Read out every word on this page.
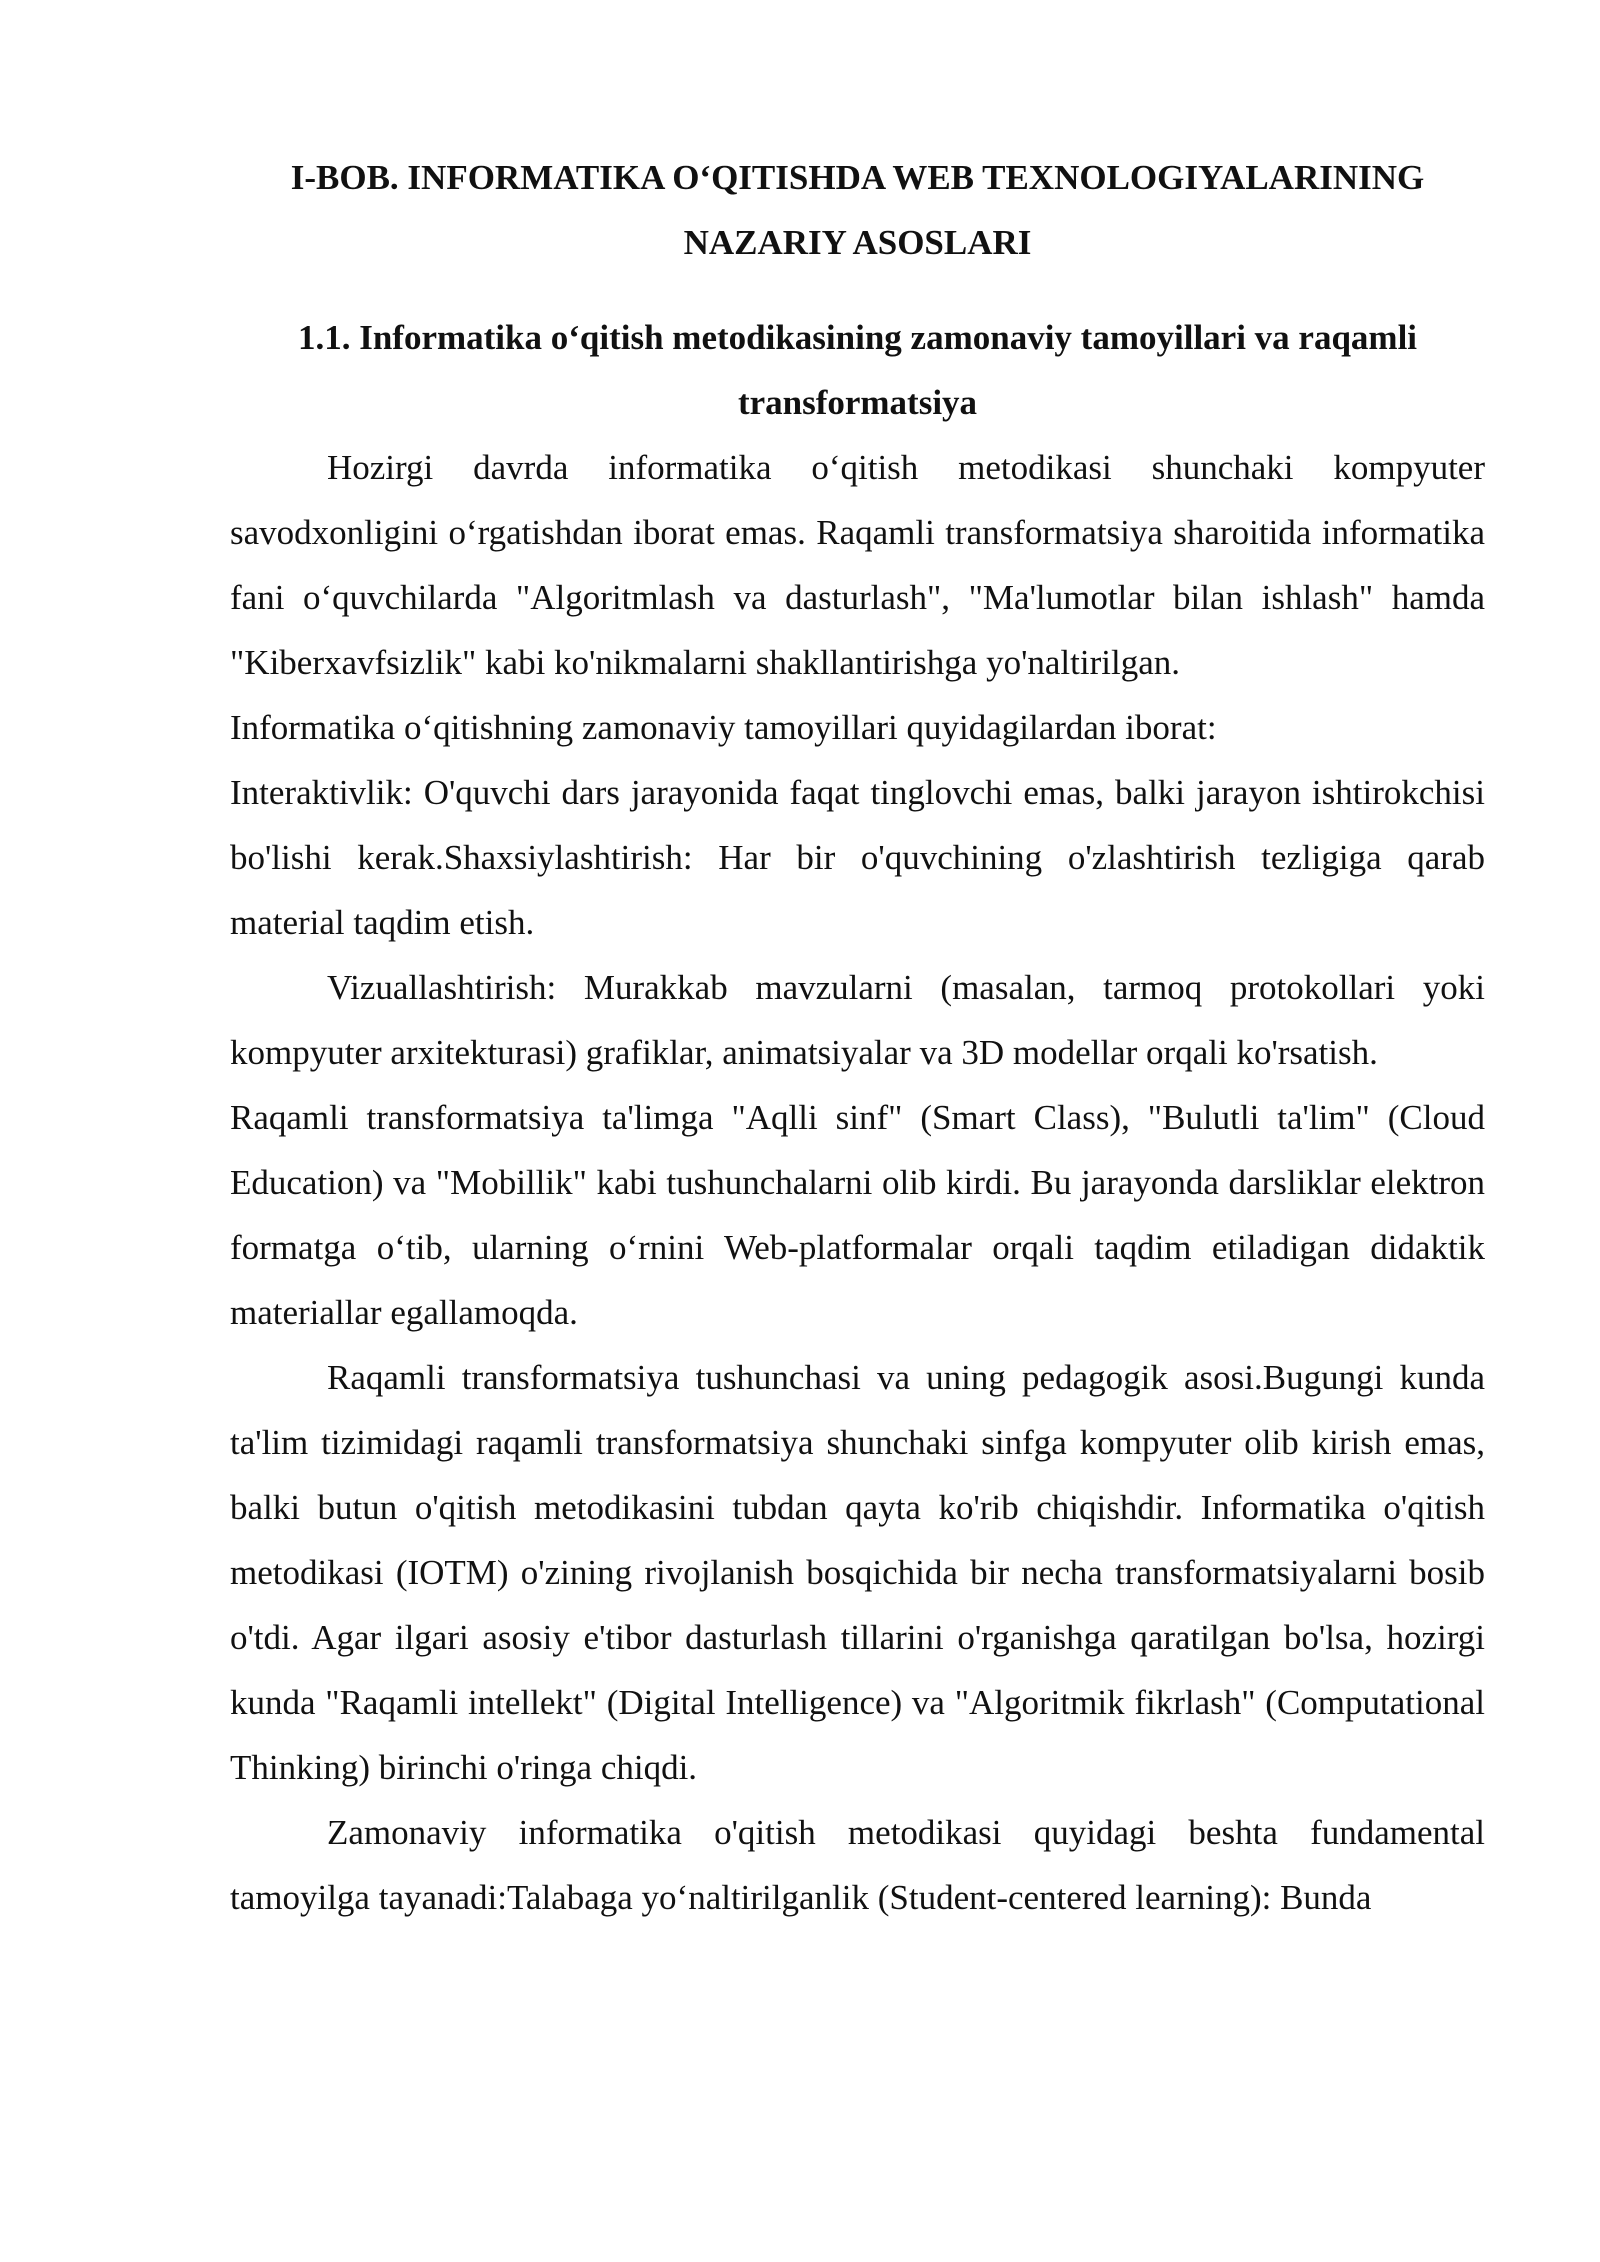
I-BOB. INFORMATIKA O‘QITISHDA WEB TEXNOLOGIYALARINING
NAZARIY ASOSLARI
1.1. Informatika o‘qitish metodikasining zamonaviy tamoyillari va raqamli
transformatsiya

Hozirgi davrda informatika o‘qitish metodikasi shunchaki kompyuter savodxonligini o‘rgatishdan iborat emas. Raqamli transformatsiya sharoitida informatika fani o‘quvchilarda "Algoritmlash va dasturlash", "Ma'lumotlar bilan ishlash" hamda "Kiberxavfsizlik" kabi ko'nikmalarni shakllantirishga yo'naltirilgan.

Informatika o‘qitishning zamonaviy tamoyillari quyidagilardan iborat:

Interaktivlik: O'quvchi dars jarayonida faqat tinglovchi emas, balki jarayon ishtirokchisi bo'lishi kerak.Shaxsiylashtirish: Har bir o'quvchining o'zlashtirish tezligiga qarab material taqdim etish.

Vizuallashtirish: Murakkab mavzularni (masalan, tarmoq protokollari yoki kompyuter arxitekturasi) grafiklar, animatsiyalar va 3D modellar orqali ko'rsatish.

Raqamli transformatsiya ta'limga "Aqlli sinf" (Smart Class), "Bulutli ta'lim" (Cloud Education) va "Mobillik" kabi tushunchalarni olib kirdi. Bu jarayonda darsliklar elektron formatga o‘tib, ularning o‘rnini Web-platformalar orqali taqdim etiladigan didaktik materiallar egallamoqda.

Raqamli transformatsiya tushunchasi va uning pedagogik asosi.Bugungi kunda ta'lim tizimidagi raqamli transformatsiya shunchaki sinfga kompyuter olib kirish emas, balki butun o'qitish metodikasini tubdan qayta ko'rib chiqishdir. Informatika o'qitish metodikasi (IOTM) o'zining rivojlanish bosqichida bir necha transformatsiyalarni bosib o'tdi. Agar ilgari asosiy e'tibor dasturlash tillarini o'rganishga qaratilgan bo'lsa, hozirgi kunda "Raqamli intellekt" (Digital Intelligence) va "Algoritmik fikrlash" (Computational Thinking) birinchi o'ringa chiqdi.

Zamonaviy informatika o'qitish metodikasi quyidagi beshta fundamental tamoyilga tayanadi:Talabaga yo‘naltirilganlik (Student-centered learning): Bunda
